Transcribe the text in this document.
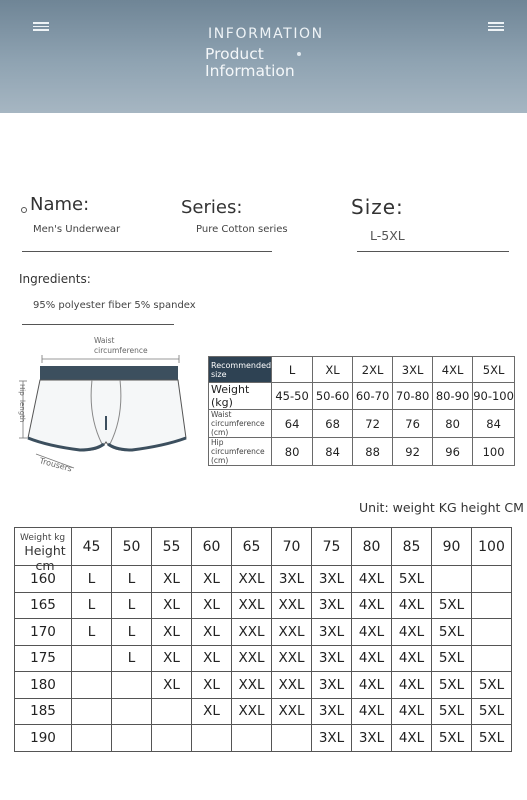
INFORMATION
Product
Information
Name:
Men's Underwear
Series:
Pure Cotton series
Size:
L-5XL
Ingredients:
95% polyester fiber 5% spandex
Waist
circumference
Hip
length
Trousers
Recommended size	L	XL	2XL	3XL	4XL	5XL
Weight (kg)	45-50	50-60	60-70	70-80	80-90	90-100
Waist circumference (cm)	64	68	72	76	80	84
Hip circumference (cm)	80	84	88	92	96	100
Unit: weight KG height CM
Weight kg
Height cm	45	50	55	60	65	70	75	80	85	90	100
160	L	L	XL	XL	XXL	3XL	3XL	4XL	5XL		
165	L	L	XL	XL	XXL	XXL	3XL	4XL	4XL	5XL	
170	L	L	XL	XL	XXL	XXL	3XL	4XL	4XL	5XL	
175		L	XL	XL	XXL	XXL	3XL	4XL	4XL	5XL	
180			XL	XL	XXL	XXL	3XL	4XL	4XL	5XL	5XL
185				XL	XXL	XXL	3XL	4XL	4XL	5XL	5XL
190							3XL	3XL	4XL	5XL	5XL
